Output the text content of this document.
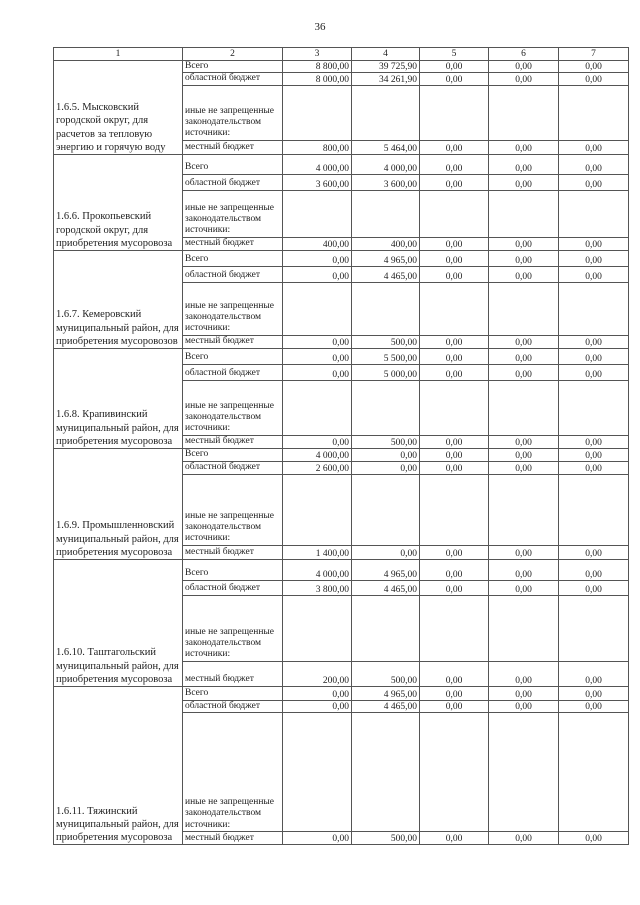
36
1	2	3	4	5	6	7
1.6.5. Мысковский городской округ, для расчетов за тепловую энергию и горячую воду	Всего	8 800,00	39 725,90	0,00	0,00	0,00
	областной бюджет	8 000,00	34 261,90	0,00	0,00	0,00
	иные не запрещенные законодательством источники:					
	местный бюджет	800,00	5 464,00	0,00	0,00	0,00
1.6.6. Прокопьевский городской округ, для приобретения мусоровоза	Всего	4 000,00	4 000,00	0,00	0,00	0,00
	областной бюджет	3 600,00	3 600,00	0,00	0,00	0,00
	иные не запрещенные законодательством источники:					
	местный бюджет	400,00	400,00	0,00	0,00	0,00
1.6.7. Кемеровский муниципальный район, для приобретения мусоровозов	Всего	0,00	4 965,00	0,00	0,00	0,00
	областной бюджет	0,00	4 465,00	0,00	0,00	0,00
	иные не запрещенные законодательством источники:					
	местный бюджет	0,00	500,00	0,00	0,00	0,00
1.6.8. Крапивинский муниципальный район, для приобретения мусоровоза	Всего	0,00	5 500,00	0,00	0,00	0,00
	областной бюджет	0,00	5 000,00	0,00	0,00	0,00
	иные не запрещенные законодательством источники:					
	местный бюджет	0,00	500,00	0,00	0,00	0,00
1.6.9. Промышленновский муниципальный район, для приобретения мусоровоза	Всего	4 000,00	0,00	0,00	0,00	0,00
	областной бюджет	2 600,00	0,00	0,00	0,00	0,00
	иные не запрещенные законодательством источники:					
	местный бюджет	1 400,00	0,00	0,00	0,00	0,00
1.6.10. Таштагольский муниципальный район, для приобретения мусоровоза	Всего	4 000,00	4 965,00	0,00	0,00	0,00
	областной бюджет	3 800,00	4 465,00	0,00	0,00	0,00
	иные не запрещенные законодательством источники:					
	местный бюджет	200,00	500,00	0,00	0,00	0,00
1.6.11. Тяжинский муниципальный район, для приобретения мусоровоза	Всего	0,00	4 965,00	0,00	0,00	0,00
	областной бюджет	0,00	4 465,00	0,00	0,00	0,00
	иные не запрещенные законодательством источники:					
	местный бюджет	0,00	500,00	0,00	0,00	0,00
